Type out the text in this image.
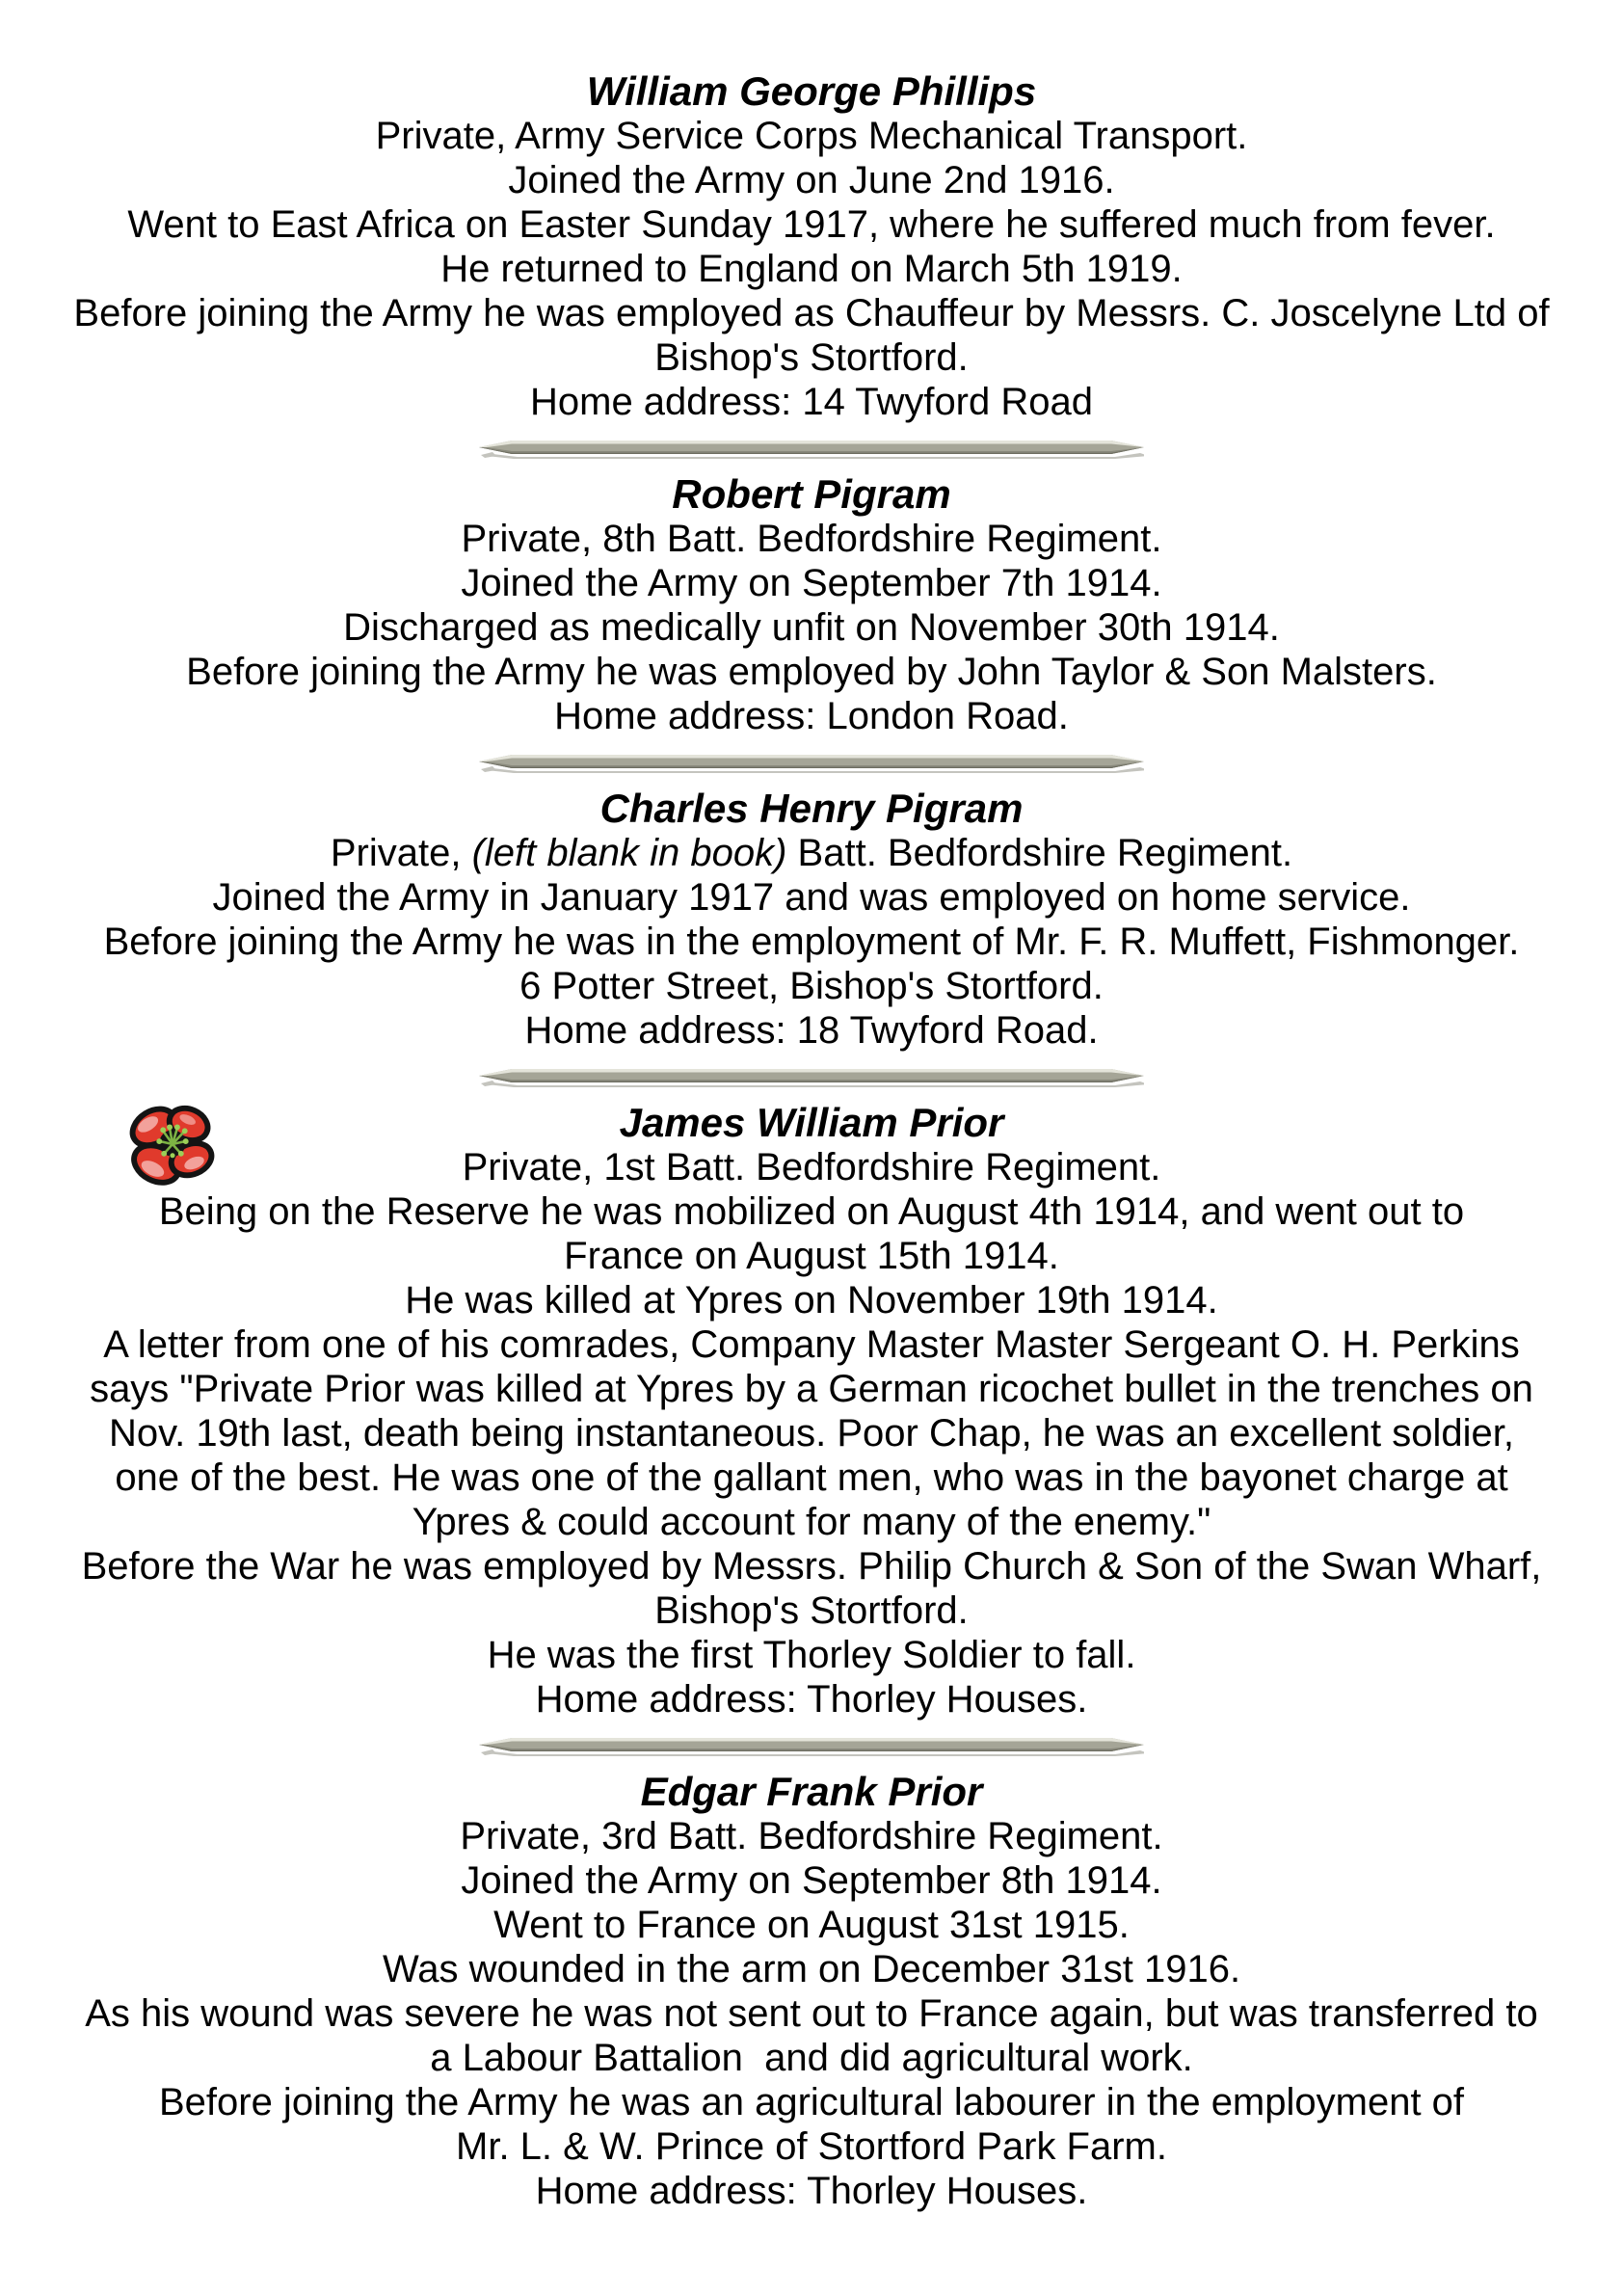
William George Phillips
Private, Army Service Corps Mechanical Transport.
Joined the Army on June 2nd 1916.
Went to East Africa on Easter Sunday 1917, where he suffered much from fever.
He returned to England on March 5th 1919.
Before joining the Army he was employed as Chauffeur by Messrs. C. Joscelyne Ltd of
Bishop's Stortford.
Home address: 14 Twyford Road
Robert Pigram
Private, 8th Batt. Bedfordshire Regiment.
Joined the Army on September 7th 1914.
Discharged as medically unfit on November 30th 1914.
Before joining the Army he was employed by John Taylor & Son Malsters.
Home address: London Road.
Charles Henry Pigram
Private, (left blank in book) Batt. Bedfordshire Regiment.
Joined the Army in January 1917 and was employed on home service.
Before joining the Army he was in the employment of Mr. F. R. Muffett, Fishmonger.
6 Potter Street, Bishop's Stortford.
Home address: 18 Twyford Road.
James William Prior
Private, 1st Batt. Bedfordshire Regiment.
Being on the Reserve he was mobilized on August 4th 1914, and went out to
France on August 15th 1914.
He was killed at Ypres on November 19th 1914.
A letter from one of his comrades, Company Master Master Sergeant O. H. Perkins
says "Private Prior was killed at Ypres by a German ricochet bullet in the trenches on
Nov. 19th last, death being instantaneous. Poor Chap, he was an excellent soldier,
one of the best. He was one of the gallant men, who was in the bayonet charge at
Ypres & could account for many of the enemy."
Before the War he was employed by Messrs. Philip Church & Son of the Swan Wharf,
Bishop's Stortford.
He was the first Thorley Soldier to fall.
Home address: Thorley Houses.
Edgar Frank Prior
Private, 3rd Batt. Bedfordshire Regiment.
Joined the Army on September 8th 1914.
Went to France on August 31st 1915.
Was wounded in the arm on December 31st 1916.
As his wound was severe he was not sent out to France again, but was transferred to
a Labour Battalion  and did agricultural work.
Before joining the Army he was an agricultural labourer in the employment of
Mr. L. & W. Prince of Stortford Park Farm.
Home address: Thorley Houses.
